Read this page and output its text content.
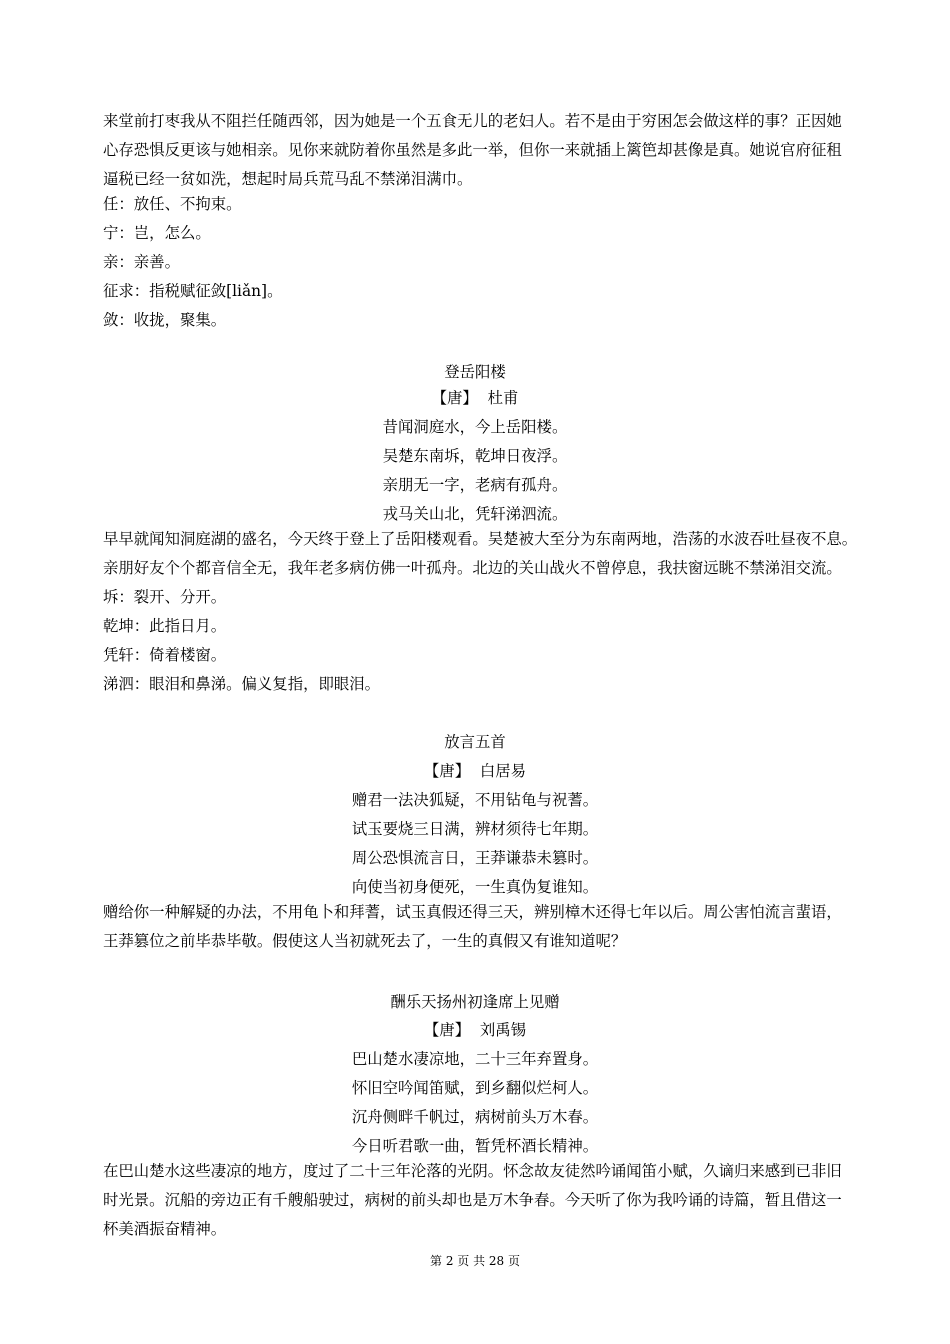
来堂前打枣我从不阻拦任随西邻，因为她是一个五食无儿的老妇人。若不是由于穷困怎会做这样的事？正因她
心存恐惧反更该与她相亲。见你来就防着你虽然是多此一举，但你一来就插上篱笆却甚像是真。她说官府征租
逼税已经一贫如洗，想起时局兵荒马乱不禁涕泪满巾。
任：放任、不拘束。
宁：岂，怎么。
亲：亲善。
征求：指税赋征敛[liǎn]。
敛：收拢，聚集。
登岳阳楼
【唐】 杜甫
昔闻洞庭水，今上岳阳楼。
吴楚东南坼，乾坤日夜浮。
亲朋无一字，老病有孤舟。
戎马关山北，凭轩涕泗流。
早早就闻知洞庭湖的盛名，今天终于登上了岳阳楼观看。吴楚被大至分为东南两地，浩荡的水波吞吐昼夜不息。
亲朋好友个个都音信全无，我年老多病仿佛一叶孤舟。北边的关山战火不曾停息，我扶窗远眺不禁涕泪交流。
坼：裂开、分开。
乾坤：此指日月。
凭轩：倚着楼窗。
涕泗：眼泪和鼻涕。偏义复指，即眼泪。
放言五首
【唐】 白居易
赠君一法决狐疑，不用钻龟与祝蓍。
试玉要烧三日满，辨材须待七年期。
周公恐惧流言日，王莽谦恭未篡时。
向使当初身便死，一生真伪复谁知。
赠给你一种解疑的办法，不用龟卜和拜蓍，试玉真假还得三天，辨别樟木还得七年以后。周公害怕流言蜚语，
王莽篡位之前毕恭毕敬。假使这人当初就死去了，一生的真假又有谁知道呢？
酬乐天扬州初逢席上见赠
【唐】 刘禹锡
巴山楚水凄凉地，二十三年弃置身。
怀旧空吟闻笛赋，到乡翻似烂柯人。
沉舟侧畔千帆过，病树前头万木春。
今日听君歌一曲，暂凭杯酒长精神。
在巴山楚水这些凄凉的地方，度过了二十三年沦落的光阴。怀念故友徒然吟诵闻笛小赋，久谪归来感到已非旧
时光景。沉船的旁边正有千艘船驶过，病树的前头却也是万木争春。今天听了你为我吟诵的诗篇，暂且借这一
杯美酒振奋精神。
第 2 页 共 28 页
